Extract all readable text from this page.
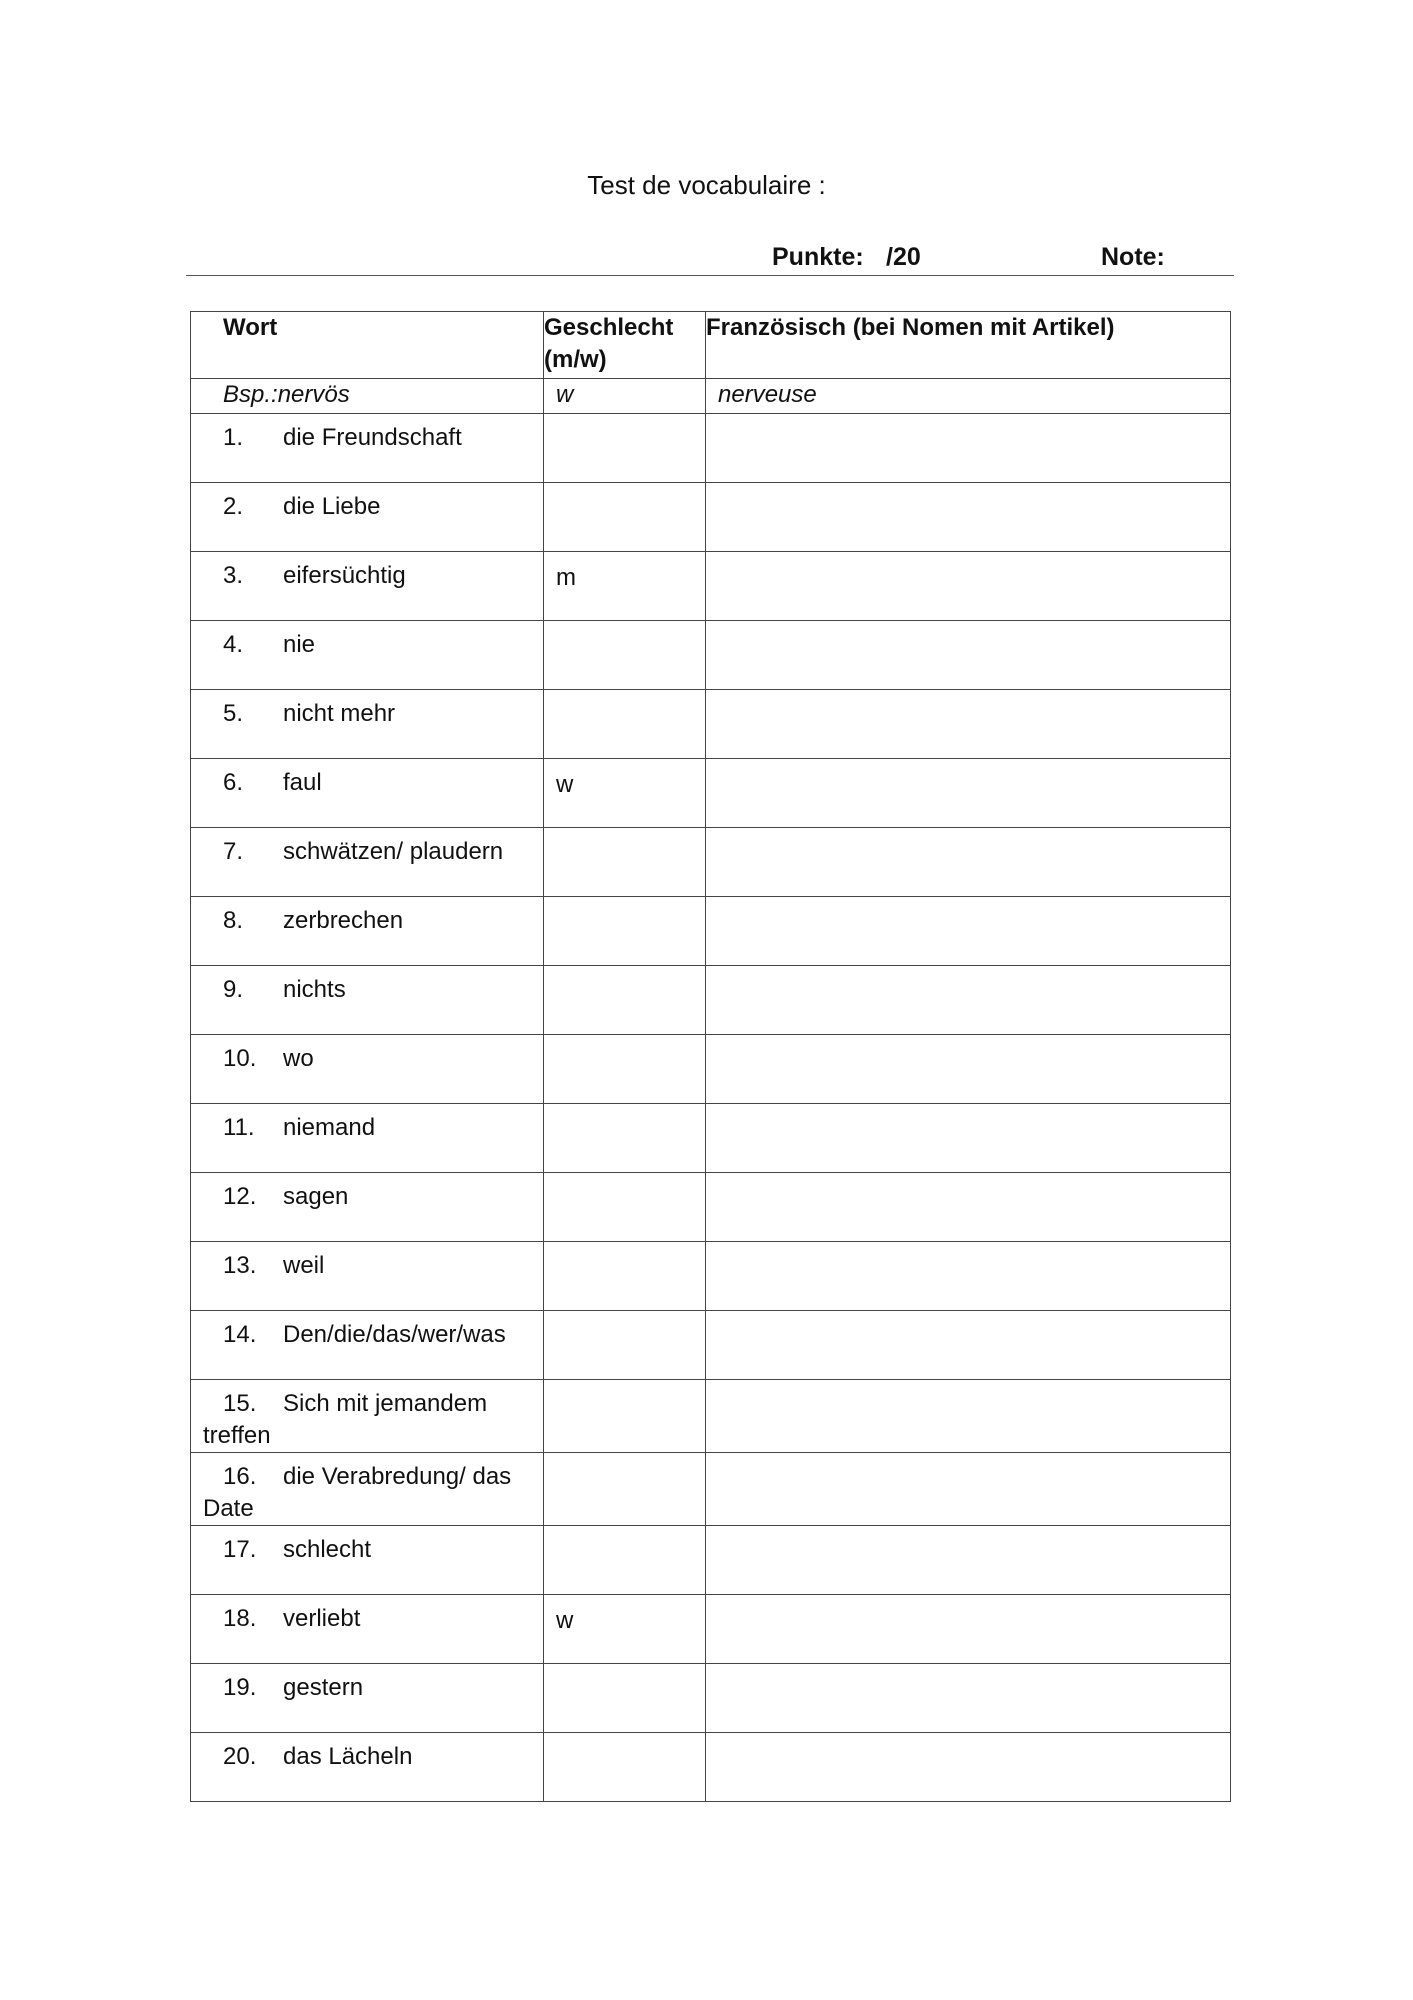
Test de vocabulaire :
Punkte: /20	Note:
Wort	Geschlecht (m/w)	Französisch (bei Nomen mit Artikel)
Bsp.:nervös	w	nerveuse

1. die Freundschaft		

2. die Liebe		

3. eifersüchtig	m	

4. nie		

5. nicht mehr		

6. faul	w	

7. schwätzen/ plaudern		

8. zerbrechen		

9. nichts		

10. wo		

11. niemand		

12. sagen		

13. weil		

14. Den/die/das/wer/was		

15. Sich mit jemandem treffen		

16. die Verabredung/ das Date		

17. schlecht		

18. verliebt	w	

19. gestern		

20. das Lächeln		
